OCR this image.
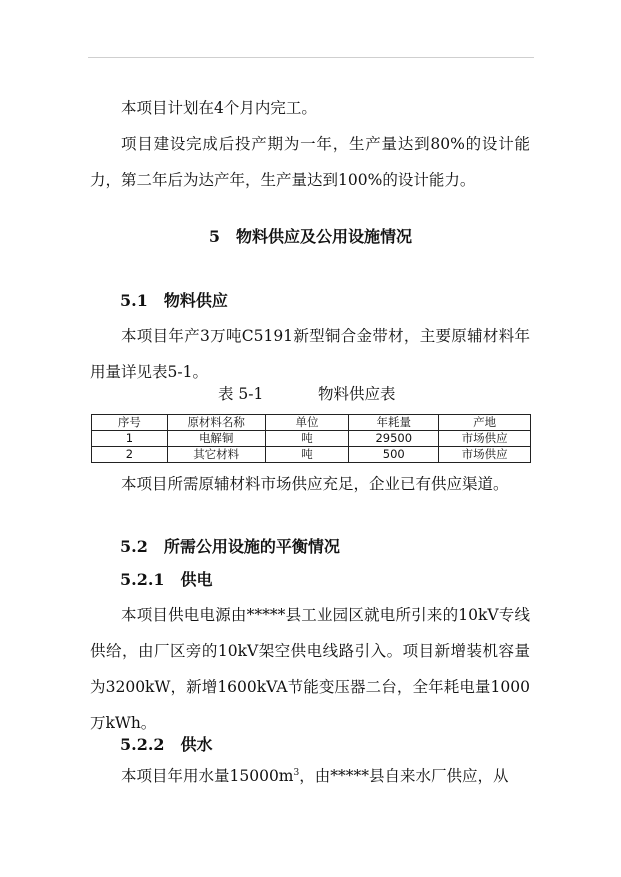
本项目计划在4个月内完工。

项目建设完成后投产期为一年，生产量达到80%的设计能力，第二年后为达产年，生产量达到100%的设计能力。

5　物料供应及公用设施情况
5.1　物料供应

本项目年产3万吨C5191新型铜合金带材，主要原辅材料年用量详见表5-1。

表 5-1	物料供应表
序号	原材料名称	单位	年耗量	产地
1	电解铜	吨	29500	市场供应
2	其它材料	吨	500	市场供应

本项目所需原辅材料市场供应充足，企业已有供应渠道。

5.2　所需公用设施的平衡情况
5.2.1　供电

本项目供电电源由*****县工业园区就电所引来的10kV专线供给，由厂区旁的10kV架空供电线路引入。项目新增装机容量为3200kW，新增1600kVA节能变压器二台，全年耗电量1000万kWh。

5.2.2　供水

本项目年用水量$15000m^3$，由*****县自来水厂供应，从
